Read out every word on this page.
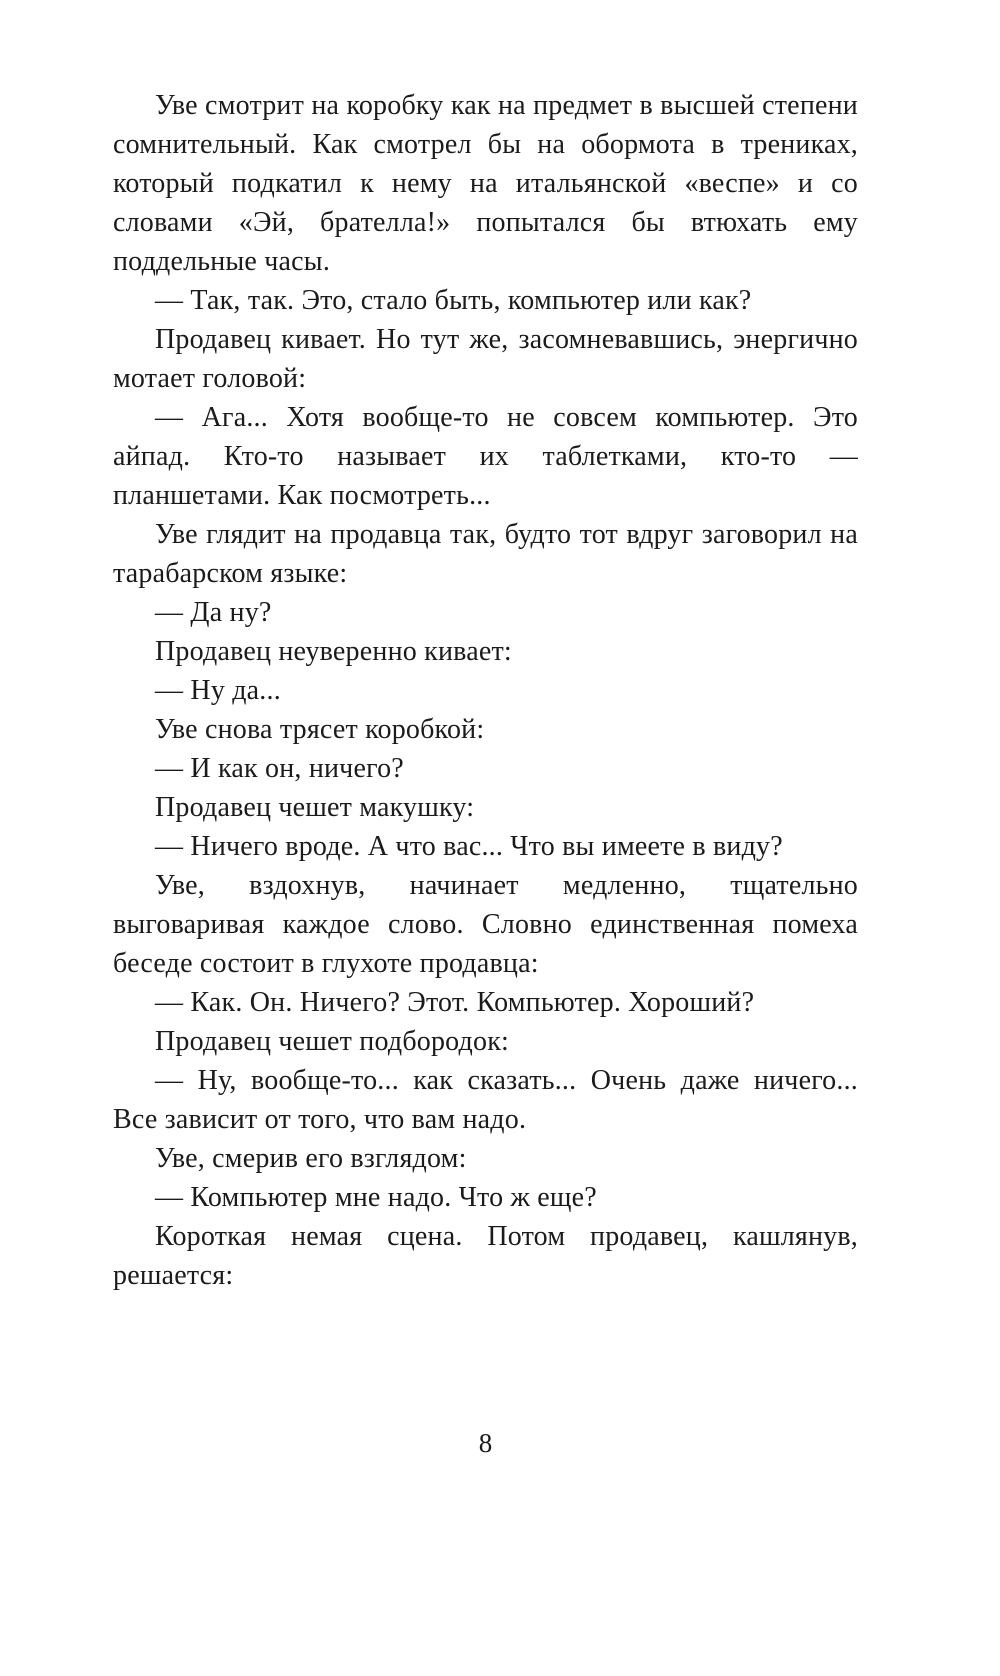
Уве смотрит на коробку как на предмет в высшей степени сомнительный. Как смотрел бы на обормота в трениках, который подкатил к нему на итальянской «веспе» и со словами «Эй, брателла!» попытался бы втюхать ему поддельные часы.

— Так, так. Это, стало быть, компьютер или как?

Продавец кивает. Но тут же, засомневавшись, энергично мотает головой:

— Ага... Хотя вообще-то не совсем компьютер. Это айпад. Кто-то называет их таблетками, кто-то — планшетами. Как посмотреть...

Уве глядит на продавца так, будто тот вдруг заговорил на тарабарском языке:

— Да ну?

Продавец неуверенно кивает:

— Ну да...

Уве снова трясет коробкой:

— И как он, ничего?

Продавец чешет макушку:

— Ничего вроде. А что вас... Что вы имеете в виду?

Уве, вздохнув, начинает медленно, тщательно выговаривая каждое слово. Словно единственная помеха беседе состоит в глухоте продавца:

— Как. Он. Ничего? Этот. Компьютер. Хороший?

Продавец чешет подбородок:

— Ну, вообще-то... как сказать... Очень даже ничего... Все зависит от того, что вам надо.

Уве, смерив его взглядом:

— Компьютер мне надо. Что ж еще?

Короткая немая сцена. Потом продавец, кашлянув, решается:

8
